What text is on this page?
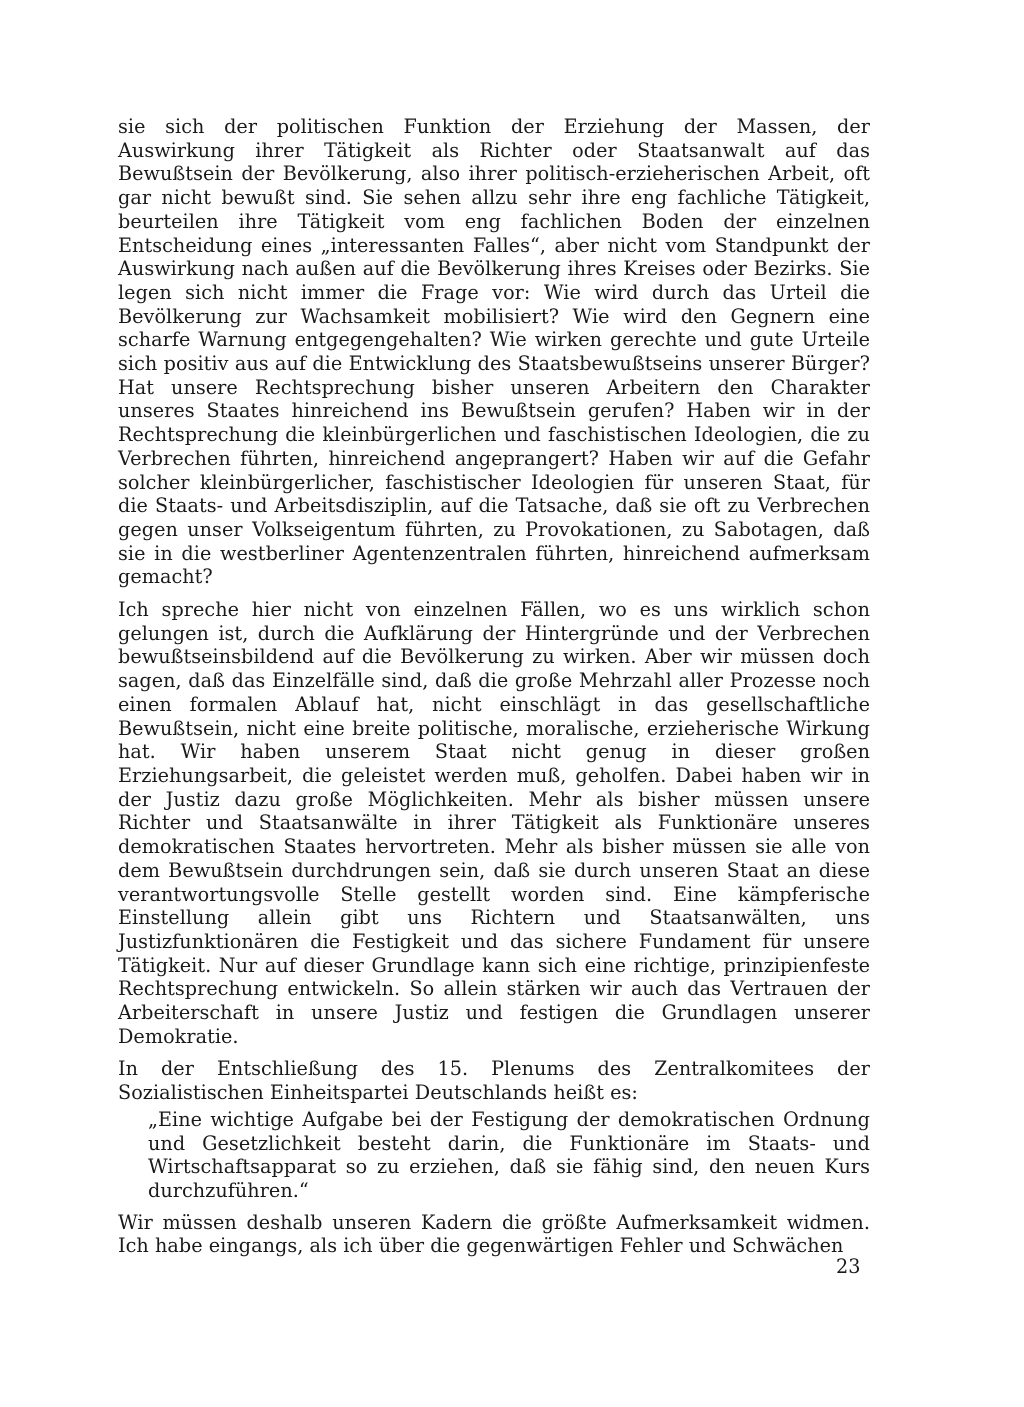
sie sich der politischen Funktion der Erziehung der Massen, der Auswirkung ihrer Tätigkeit als Richter oder Staatsanwalt auf das Bewußtsein der Bevölkerung, also ihrer politisch-erzieherischen Arbeit, oft gar nicht bewußt sind. Sie sehen allzu sehr ihre eng fachliche Tätigkeit, beurteilen ihre Tätigkeit vom eng fachlichen Boden der einzelnen Entscheidung eines „interessanten Falles“, aber nicht vom Standpunkt der Auswirkung nach außen auf die Bevölkerung ihres Kreises oder Bezirks. Sie legen sich nicht immer die Frage vor: Wie wird durch das Urteil die Bevölkerung zur Wachsamkeit mobilisiert? Wie wird den Gegnern eine scharfe Warnung entgegengehalten? Wie wirken gerechte und gute Urteile sich positiv aus auf die Entwicklung des Staatsbewußtseins unserer Bürger? Hat unsere Rechtsprechung bisher unseren Arbeitern den Charakter unseres Staates hinreichend ins Bewußtsein gerufen? Haben wir in der Rechtsprechung die kleinbürgerlichen und faschistischen Ideologien, die zu Verbrechen führten, hinreichend angeprangert? Haben wir auf die Gefahr solcher kleinbürgerlicher, faschistischer Ideologien für unseren Staat, für die Staats- und Arbeitsdisziplin, auf die Tatsache, daß sie oft zu Verbrechen gegen unser Volkseigentum führten, zu Provokationen, zu Sabotagen, daß sie in die westberliner Agentenzentralen führten, hinreichend aufmerksam gemacht?

Ich spreche hier nicht von einzelnen Fällen, wo es uns wirklich schon gelungen ist, durch die Aufklärung der Hintergründe und der Verbrechen bewußtseinsbildend auf die Bevölkerung zu wirken. Aber wir müssen doch sagen, daß das Einzelfälle sind, daß die große Mehrzahl aller Prozesse noch einen formalen Ablauf hat, nicht einschlägt in das gesellschaftliche Bewußtsein, nicht eine breite politische, moralische, erzieherische Wirkung hat. Wir haben unserem Staat nicht genug in dieser großen Erziehungsarbeit, die geleistet werden muß, geholfen. Dabei haben wir in der Justiz dazu große Möglichkeiten. Mehr als bisher müssen unsere Richter und Staatsanwälte in ihrer Tätigkeit als Funktionäre unseres demokratischen Staates hervortreten. Mehr als bisher müssen sie alle von dem Bewußtsein durchdrungen sein, daß sie durch unseren Staat an diese verantwortungsvolle Stelle gestellt worden sind. Eine kämpferische Einstellung allein gibt uns Richtern und Staatsanwälten, uns Justizfunktionären die Festigkeit und das sichere Fundament für unsere Tätigkeit. Nur auf dieser Grundlage kann sich eine richtige, prinzipienfeste Rechtsprechung entwickeln. So allein stärken wir auch das Vertrauen der Arbeiterschaft in unsere Justiz und festigen die Grundlagen unserer Demokratie.

In der Entschließung des 15. Plenums des Zentralkomitees der Sozialistischen Einheitspartei Deutschlands heißt es:

„Eine wichtige Aufgabe bei der Festigung der demokratischen Ordnung und Gesetzlichkeit besteht darin, die Funktionäre im Staats- und Wirtschaftsapparat so zu erziehen, daß sie fähig sind, den neuen Kurs durchzuführen.“

Wir müssen deshalb unseren Kadern die größte Aufmerksamkeit widmen. Ich habe eingangs, als ich über die gegenwärtigen Fehler und Schwächen

23
